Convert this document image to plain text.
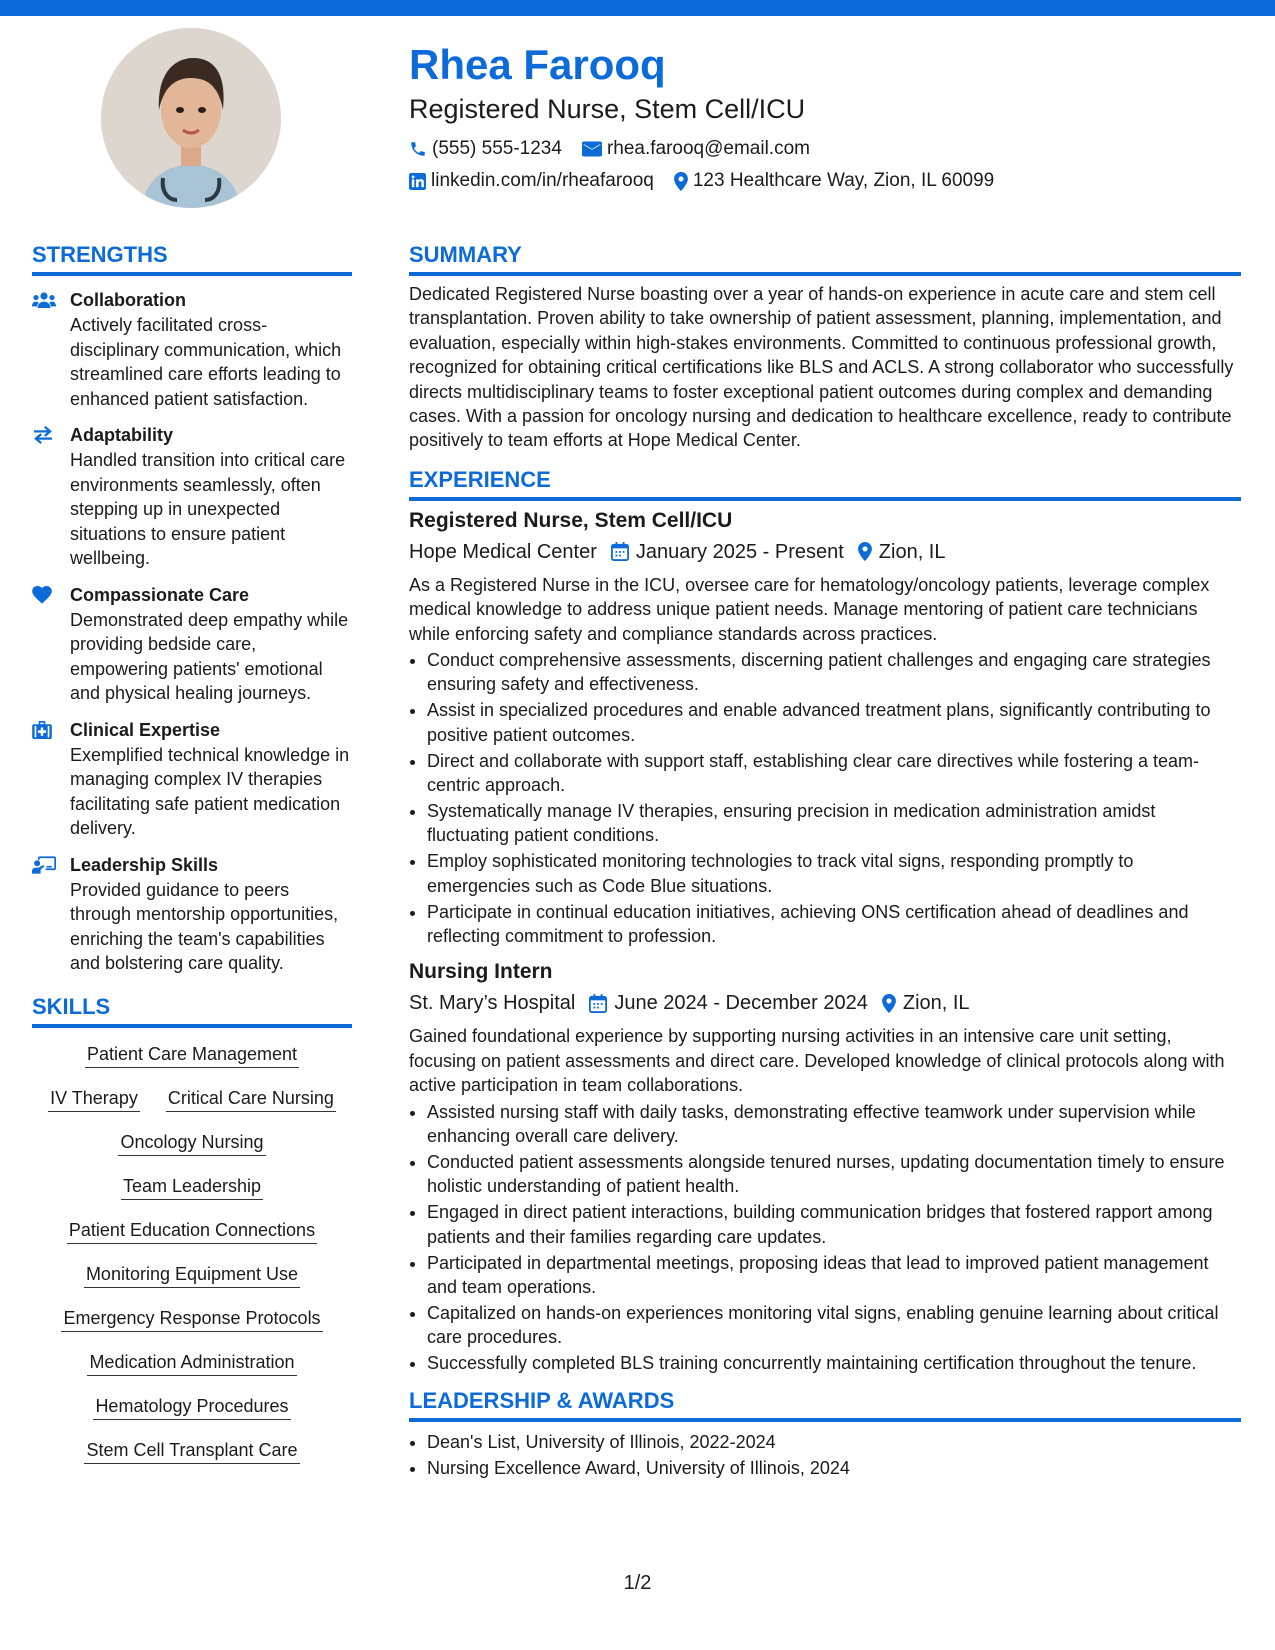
Rhea Farooq
Registered Nurse, Stem Cell/ICU
(555) 555-1234 rhea.farooq@email.com
linkedin.com/in/rheafarooq 123 Healthcare Way, Zion, IL 60099
STRENGTHS
Collaboration
Actively facilitated cross-disciplinary communication, which streamlined care efforts leading to enhanced patient satisfaction.
Adaptability
Handled transition into critical care environments seamlessly, often stepping up in unexpected situations to ensure patient wellbeing.
Compassionate Care
Demonstrated deep empathy while providing bedside care, empowering patients' emotional and physical healing journeys.
Clinical Expertise
Exemplified technical knowledge in managing complex IV therapies facilitating safe patient medication delivery.
Leadership Skills
Provided guidance to peers through mentorship opportunities, enriching the team's capabilities and bolstering care quality.
SKILLS
Patient Care Management
IV Therapy Critical Care Nursing
Oncology Nursing
Team Leadership
Patient Education Connections
Monitoring Equipment Use
Emergency Response Protocols
Medication Administration
Hematology Procedures
Stem Cell Transplant Care
SUMMARY

Dedicated Registered Nurse boasting over a year of hands-on experience in acute care and stem cell transplantation. Proven ability to take ownership of patient assessment, planning, implementation, and evaluation, especially within high-stakes environments. Committed to continuous professional growth, recognized for obtaining critical certifications like BLS and ACLS. A strong collaborator who successfully directs multidisciplinary teams to foster exceptional patient outcomes during complex and demanding cases. With a passion for oncology nursing and dedication to healthcare excellence, ready to contribute positively to team efforts at Hope Medical Center.

EXPERIENCE
Registered Nurse, Stem Cell/ICU
Hope Medical Center January 2025 - Present Zion, IL

As a Registered Nurse in the ICU, oversee care for hematology/oncology patients, leverage complex medical knowledge to address unique patient needs. Manage mentoring of patient care technicians while enforcing safety and compliance standards across practices.

• Conduct comprehensive assessments, discerning patient challenges and engaging care strategies ensuring safety and effectiveness.
• Assist in specialized procedures and enable advanced treatment plans, significantly contributing to positive patient outcomes.
• Direct and collaborate with support staff, establishing clear care directives while fostering a team-centric approach.
• Systematically manage IV therapies, ensuring precision in medication administration amidst fluctuating patient conditions.
• Employ sophisticated monitoring technologies to track vital signs, responding promptly to emergencies such as Code Blue situations.
• Participate in continual education initiatives, achieving ONS certification ahead of deadlines and reflecting commitment to profession.
Nursing Intern
St. Mary’s Hospital June 2024 - December 2024 Zion, IL

Gained foundational experience by supporting nursing activities in an intensive care unit setting, focusing on patient assessments and direct care. Developed knowledge of clinical protocols along with active participation in team collaborations.

• Assisted nursing staff with daily tasks, demonstrating effective teamwork under supervision while enhancing overall care delivery.
• Conducted patient assessments alongside tenured nurses, updating documentation timely to ensure holistic understanding of patient health.
• Engaged in direct patient interactions, building communication bridges that fostered rapport among patients and their families regarding care updates.
• Participated in departmental meetings, proposing ideas that lead to improved patient management and team operations.
• Capitalized on hands-on experiences monitoring vital signs, enabling genuine learning about critical care procedures.
• Successfully completed BLS training concurrently maintaining certification throughout the tenure.
LEADERSHIP & AWARDS
• Dean's List, University of Illinois, 2022-2024
• Nursing Excellence Award, University of Illinois, 2024
1/2
